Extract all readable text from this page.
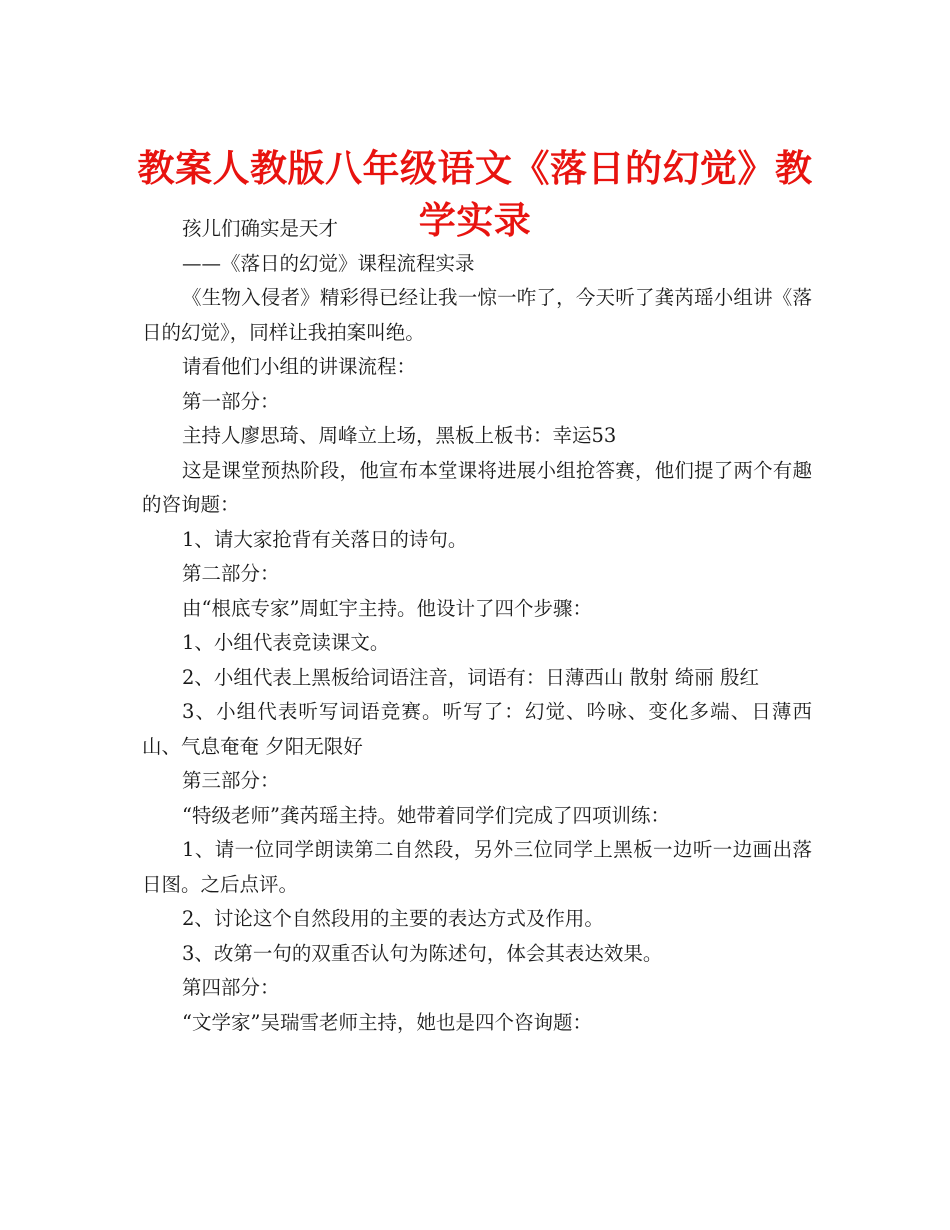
教案人教版八年级语文《落日的幻觉》教学实录

孩儿们确实是天才

——《落日的幻觉》课程流程实录

《生物入侵者》精彩得已经让我一惊一咋了，今天听了龚芮瑶小组讲《落日的幻觉》，同样让我拍案叫绝。

请看他们小组的讲课流程：

第一部分：

主持人廖思琦、周峰立上场，黑板上板书：幸运53

这是课堂预热阶段，他宣布本堂课将进展小组抢答赛，他们提了两个有趣的咨询题：

1、请大家抢背有关落日的诗句。

第二部分：

由“根底专家”周虹宇主持。他设计了四个步骤：

1、小组代表竞读课文。

2、小组代表上黑板给词语注音，词语有：日薄西山 散射 绮丽 殷红

3、小组代表听写词语竞赛。听写了：幻觉、吟咏、变化多端、日薄西山、气息奄奄 夕阳无限好

第三部分：

“特级老师”龚芮瑶主持。她带着同学们完成了四项训练：

1、请一位同学朗读第二自然段，另外三位同学上黑板一边听一边画出落日图。之后点评。

2、讨论这个自然段用的主要的表达方式及作用。

3、改第一句的双重否认句为陈述句，体会其表达效果。

第四部分：

“文学家”吴瑞雪老师主持，她也是四个咨询题：
